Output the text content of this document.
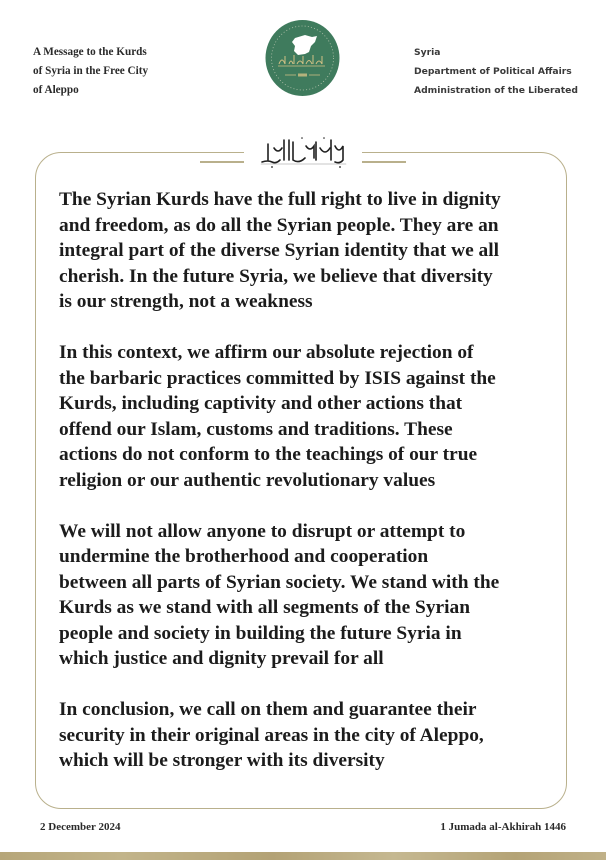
A Message to the Kurds
of Syria in the Free City
of Aleppo
Syria
Department of Political Affairs
Administration of the Liberated
The Syrian Kurds have the full right to live in dignity
and freedom, as do all the Syrian people. They are an
integral part of the diverse Syrian identity that we all
cherish. In the future Syria, we believe that diversity
is our strength, not a weakness
In this context, we affirm our absolute rejection of
the barbaric practices committed by ISIS against the
Kurds, including captivity and other actions that
offend our Islam, customs and traditions. These
actions do not conform to the teachings of our true
religion or our authentic revolutionary values
We will not allow anyone to disrupt or attempt to
undermine the brotherhood and cooperation
between all parts of Syrian society. We stand with the
Kurds as we stand with all segments of the Syrian
people and society in building the future Syria in
which justice and dignity prevail for all
In conclusion, we call on them and guarantee their
security in their original areas in the city of Aleppo,
which will be stronger with its diversity
2 December 2024	1 Jumada al-Akhirah 1446
